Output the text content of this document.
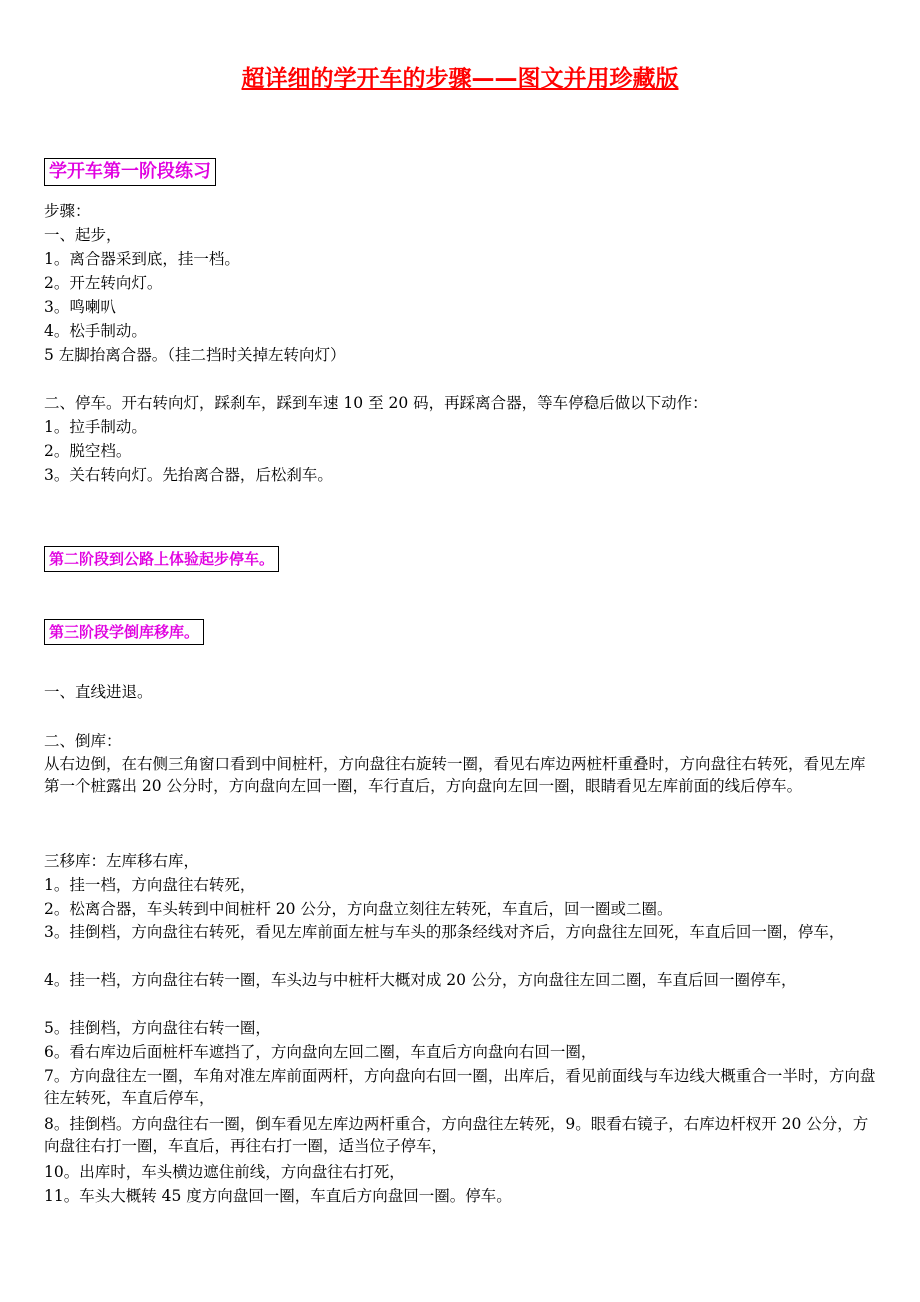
超详细的学开车的步骤——图文并用珍藏版
学开车第一阶段练习
步骤：
一、起步，
1。离合器采到底，挂一档。
2。开左转向灯。
3。鸣喇叭
4。松手制动。
5 左脚抬离合器。（挂二挡时关掉左转向灯）
二、停车。开右转向灯，踩刹车，踩到车速 10 至 20 码，再踩离合器，等车停稳后做以下动作：
1。拉手制动。
2。脱空档。
3。关右转向灯。先抬离合器，后松刹车。
第二阶段到公路上体验起步停车。
第三阶段学倒库移库。
一、直线进退。
二、倒库：
从右边倒，在右侧三角窗口看到中间桩杆，方向盘往右旋转一圈，看见右库边两桩杆重叠时，方向盘往右转死，看见左库第一个桩露出 20 公分时，方向盘向左回一圈，车行直后，方向盘向左回一圈，眼睛看见左库前面的线后停车。
三移库：左库移右库，
1。挂一档，方向盘往右转死，
2。松离合器，车头转到中间桩杆 20 公分，方向盘立刻往左转死，车直后，回一圈或二圈。
3。挂倒档，方向盘往右转死，看见左库前面左桩与车头的那条经线对齐后，方向盘往左回死，车直后回一圈，停车，
4。挂一档，方向盘往右转一圈，车头边与中桩杆大概对成 20 公分，方向盘往左回二圈，车直后回一圈停车，
5。挂倒档，方向盘往右转一圈，
6。看右库边后面桩杆车遮挡了，方向盘向左回二圈，车直后方向盘向右回一圈，
7。方向盘往左一圈，车角对准左库前面两杆，方向盘向右回一圈，出库后，看见前面线与车边线大概重合一半时，方向盘往左转死，车直后停车，
8。挂倒档。方向盘往右一圈，倒车看见左库边两杆重合，方向盘往左转死，9。眼看右镜子，右库边杆杈开 20 公分，方向盘往右打一圈，车直后，再往右打一圈，适当位子停车，
10。出库时，车头横边遮住前线，方向盘往右打死，
11。车头大概转 45 度方向盘回一圈，车直后方向盘回一圈。停车。
